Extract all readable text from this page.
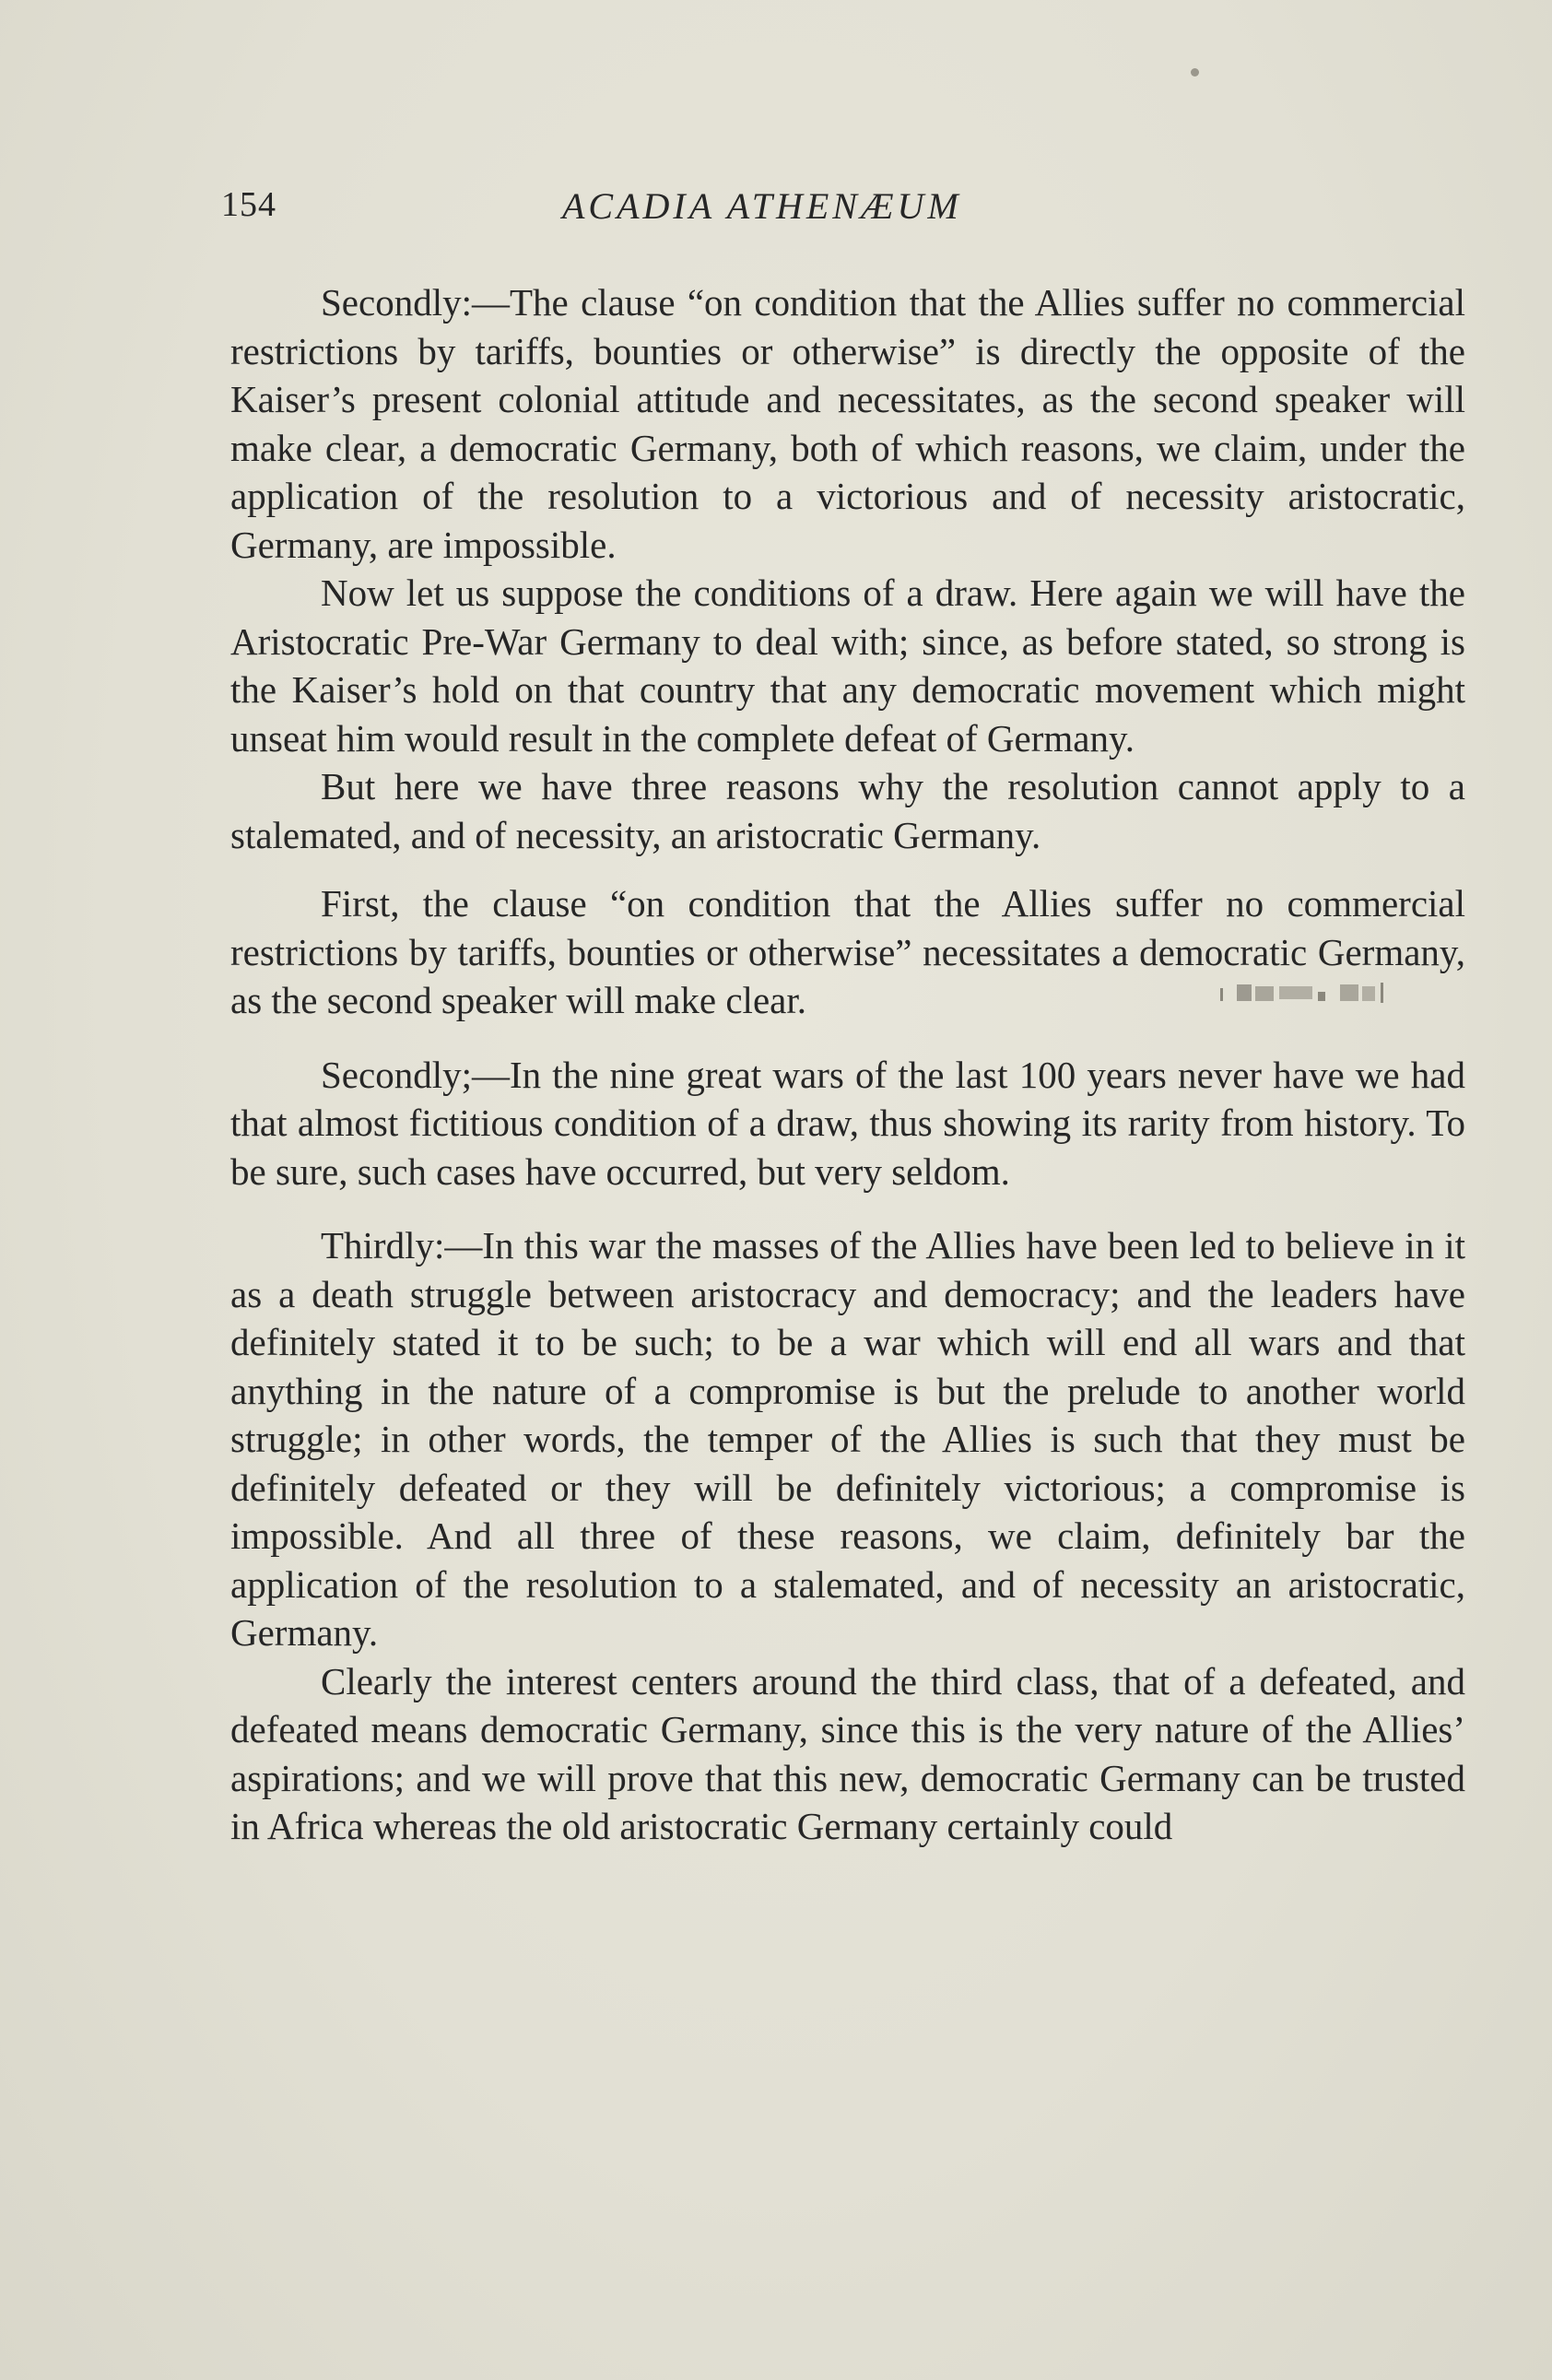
154	ACADIA ATHENÆUM

Secondly:—The clause “on condition that the Allies suffer no commercial restrictions by tariffs, bounties or otherwise” is directly the opposite of the Kaiser’s present colonial attitude and necessitates, as the second speaker will make clear, a democratic Germany, both of which reasons, we claim, under the application of the resolution to a victorious and of necessity aristocratic, Germany, are impossible.

Now let us suppose the conditions of a draw. Here again we will have the Aristocratic Pre-War Germany to deal with; since, as before stated, so strong is the Kaiser’s hold on that country that any democratic movement which might unseat him would result in the complete defeat of Germany.

But here we have three reasons why the resolution cannot apply to a stalemated, and of necessity, an aristocratic Germany.

First, the clause “on condition that the Allies suffer no commercial restrictions by tariffs, bounties or otherwise” necessitates a democratic Germany, as the second speaker will make clear.

Secondly;—In the nine great wars of the last 100 years never have we had that almost fictitious condition of a draw, thus showing its rarity from history. To be sure, such cases have occurred, but very seldom.

Thirdly:—In this war the masses of the Allies have been led to believe in it as a death struggle between aristocracy and democracy; and the leaders have definitely stated it to be such; to be a war which will end all wars and that anything in the nature of a compromise is but the prelude to another world struggle; in other words, the temper of the Allies is such that they must be definitely defeated or they will be definitely victorious; a compromise is impossible. And all three of these reasons, we claim, definitely bar the application of the resolution to a stalemated, and of necessity an aristocratic, Germany.

Clearly the interest centers around the third class, that of a defeated, and defeated means democratic Germany, since this is the very nature of the Allies’ aspirations; and we will prove that this new, democratic Germany can be trusted in Africa whereas the old aristocratic Germany certainly could
